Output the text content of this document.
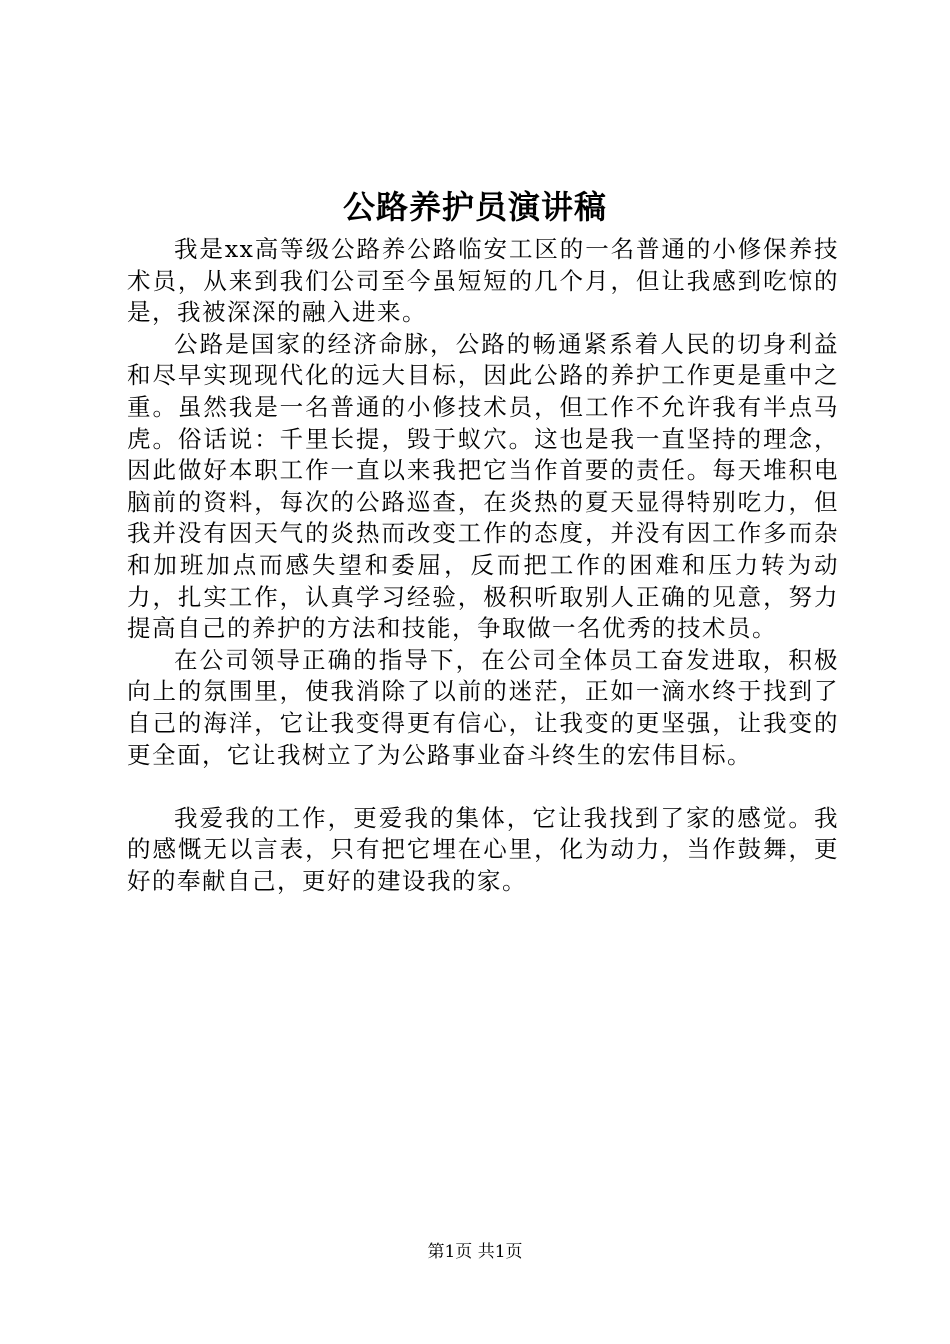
公路养护员演讲稿

我是xx高等级公路养公路临安工区的一名普通的小修保养技术员，从来到我们公司至今虽短短的几个月，但让我感到吃惊的是，我被深深的融入进来。

公路是国家的经济命脉，公路的畅通紧系着人民的切身利益和尽早实现现代化的远大目标，因此公路的养护工作更是重中之重。虽然我是一名普通的小修技术员，但工作不允许我有半点马虎。俗话说：千里长提，毁于蚁穴。这也是我一直坚持的理念，因此做好本职工作一直以来我把它当作首要的责任。每天堆积电脑前的资料，每次的公路巡查，在炎热的夏天显得特别吃力，但我并没有因天气的炎热而改变工作的态度，并没有因工作多而杂和加班加点而感失望和委屈，反而把工作的困难和压力转为动力，扎实工作，认真学习经验，极积听取别人正确的见意，努力提高自己的养护的方法和技能，争取做一名优秀的技术员。

在公司领导正确的指导下，在公司全体员工奋发进取，积极向上的氛围里，使我消除了以前的迷茫，正如一滴水终于找到了自己的海洋，它让我变得更有信心，让我变的更坚强，让我变的更全面，它让我树立了为公路事业奋斗终生的宏伟目标。

我爱我的工作，更爱我的集体，它让我找到了家的感觉。我的感慨无以言表，只有把它埋在心里，化为动力，当作鼓舞，更好的奉献自己，更好的建设我的家。

第1页 共1页
